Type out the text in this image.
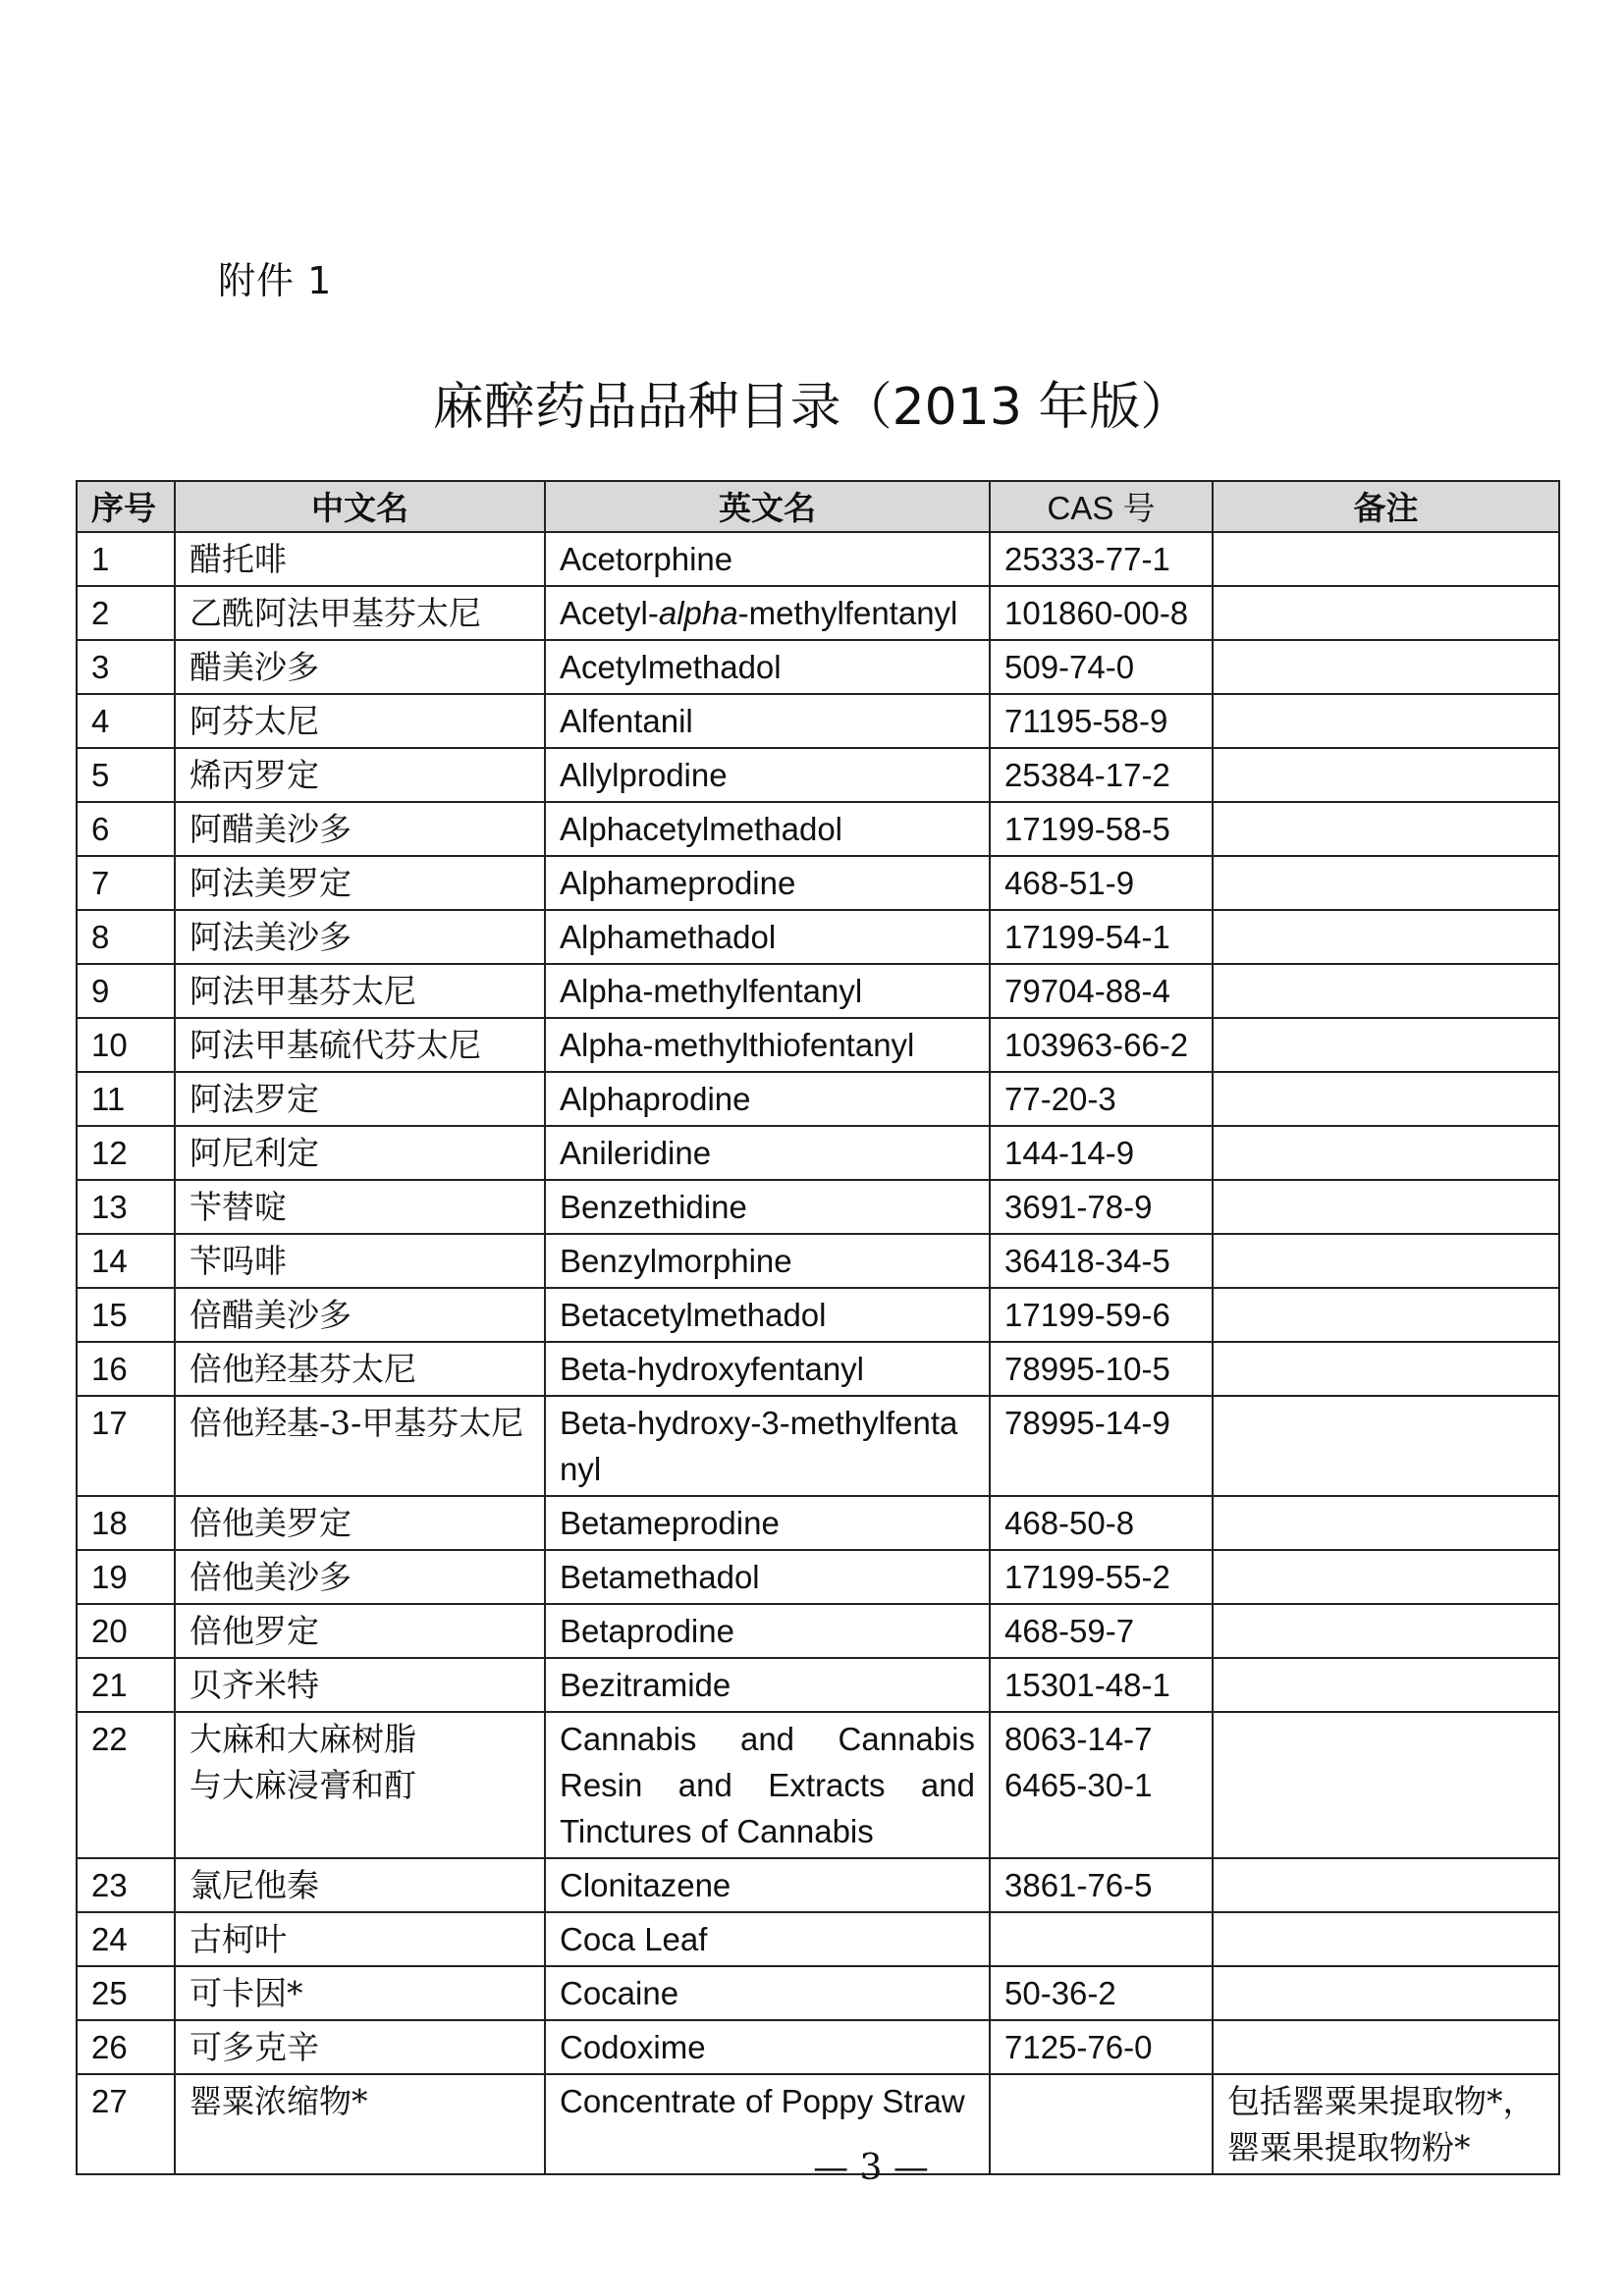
附件 1
麻醉药品品种目录（2013 年版）
序号	中文名	英文名	CAS 号	备注
1	醋托啡	Acetorphine	25333-77-1	

2	乙酰阿法甲基芬太尼	Acetyl-alpha-methylfentanyl	101860-00-8	

3	醋美沙多	Acetylmethadol	509-74-0	

4	阿芬太尼	Alfentanil	71195-58-9	

5	烯丙罗定	Allylprodine	25384-17-2	

6	阿醋美沙多	Alphacetylmethadol	17199-58-5	

7	阿法美罗定	Alphameprodine	468-51-9	

8	阿法美沙多	Alphamethadol	17199-54-1	

9	阿法甲基芬太尼	Alpha-methylfentanyl	79704-88-4	

10	阿法甲基硫代芬太尼	Alpha-methylthiofentanyl	103963-66-2	

11	阿法罗定	Alphaprodine	77-20-3	

12	阿尼利定	Anileridine	144-14-9	

13	苄替啶	Benzethidine	3691-78-9	

14	苄吗啡	Benzylmorphine	36418-34-5	

15	倍醋美沙多	Betacetylmethadol	17199-59-6	

16	倍他羟基芬太尼	Beta-hydroxyfentanyl	78995-10-5	

17	倍他羟基-3-甲基芬太尼	Beta-hydroxy-3-methylfenta
nyl	78995-14-9	

18	倍他美罗定	Betameprodine	468-50-8	

19	倍他美沙多	Betamethadol	17199-55-2	

20	倍他罗定	Betaprodine	468-59-7	

21	贝齐米特	Bezitramide	15301-48-1	

22	大麻和大麻树脂
与大麻浸膏和酊	Cannabis and Cannabis
Resin and Extracts and
Tinctures of Cannabis	8063-14-7
6465-30-1	

23	氯尼他秦	Clonitazene	3861-76-5	

24	古柯叶	Coca Leaf		

25	可卡因*	Cocaine	50-36-2	

26	可多克辛	Codoxime	7125-76-0	

27	罂粟浓缩物*	Concentrate of Poppy Straw		包括罂粟果提取物*，
罂粟果提取物粉*
— 3 —
